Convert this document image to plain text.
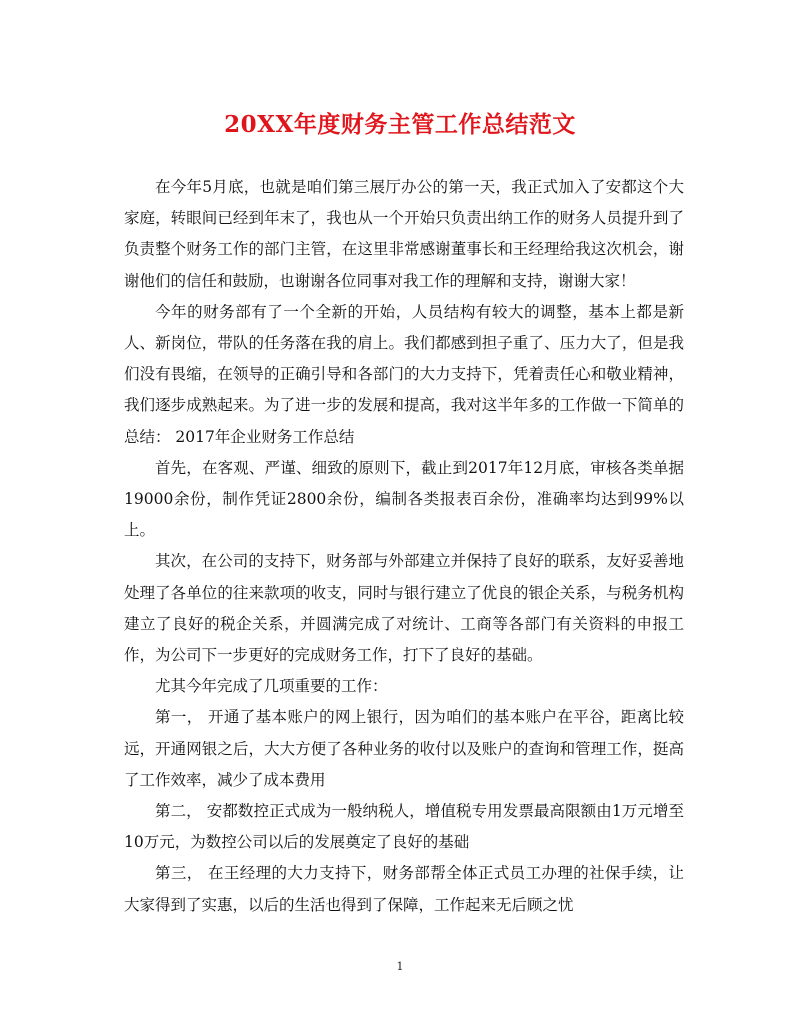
20XX年度财务主管工作总结范文

在今年5月底，也就是咱们第三展厅办公的第一天，我正式加入了安都这个大家庭，转眼间已经到年末了，我也从一个开始只负责出纳工作的财务人员提升到了负责整个财务工作的部门主管，在这里非常感谢董事长和王经理给我这次机会，谢谢他们的信任和鼓励，也谢谢各位同事对我工作的理解和支持，谢谢大家！

今年的财务部有了一个全新的开始，人员结构有较大的调整，基本上都是新人、新岗位，带队的任务落在我的肩上。我们都感到担子重了、压力大了，但是我们没有畏缩，在领导的正确引导和各部门的大力支持下，凭着责任心和敬业精神，我们逐步成熟起来。为了进一步的发展和提高，我对这半年多的工作做一下简单的总结： 2017年企业财务工作总结

首先，在客观、严谨、细致的原则下，截止到2017年12月底，审核各类单据19000余份，制作凭证2800余份，编制各类报表百余份，准确率均达到99%以上。

其次，在公司的支持下，财务部与外部建立并保持了良好的联系，友好妥善地处理了各单位的往来款项的收支，同时与银行建立了优良的银企关系，与税务机构建立了良好的税企关系，并圆满完成了对统计、工商等各部门有关资料的申报工作，为公司下一步更好的完成财务工作，打下了良好的基础。

尤其今年完成了几项重要的工作：

第一， 开通了基本账户的网上银行，因为咱们的基本账户在平谷，距离比较远，开通网银之后，大大方便了各种业务的收付以及账户的查询和管理工作，挺高了工作效率，减少了成本费用

第二， 安都数控正式成为一般纳税人，增值税专用发票最高限额由1万元增至10万元，为数控公司以后的发展奠定了良好的基础

第三， 在王经理的大力支持下，财务部帮全体正式员工办理的社保手续，让大家得到了实惠，以后的生活也得到了保障，工作起来无后顾之忧

1
